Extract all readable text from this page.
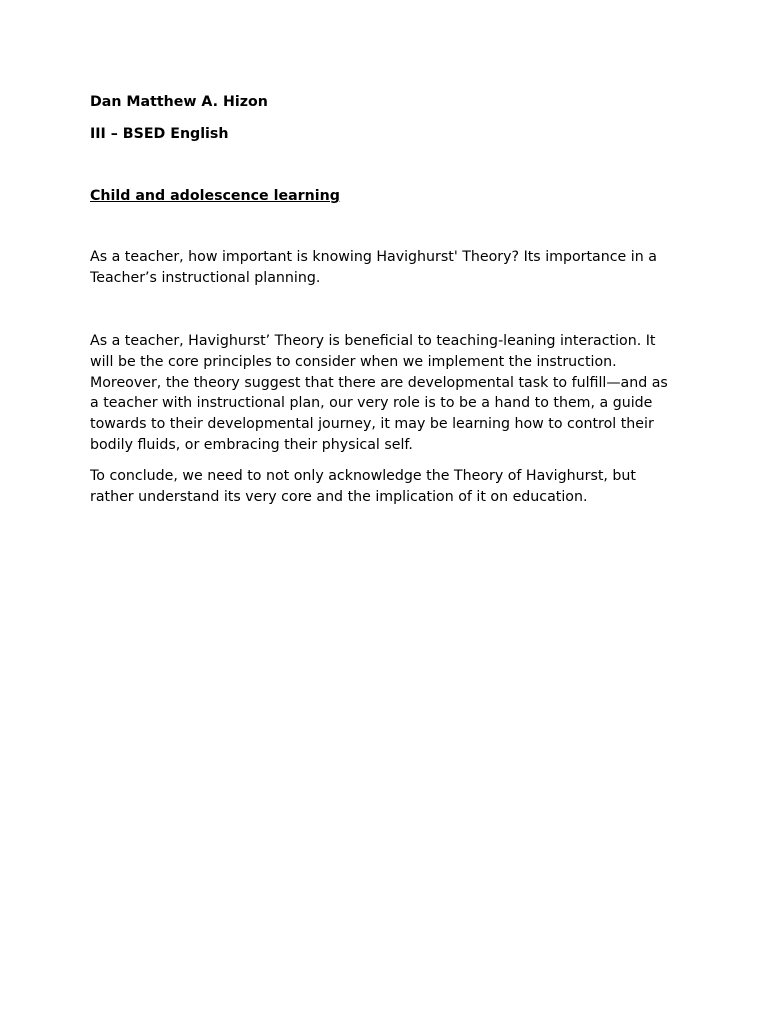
Dan Matthew A. Hizon

III – BSED English

Child and adolescence learning

As a teacher, how important is knowing Havighurst' Theory? Its importance in a Teacher’s instructional planning.

As a teacher, Havighurst’ Theory is beneficial to teaching-leaning interaction. It will be the core principles to consider when we implement the instruction. Moreover, the theory suggest that there are developmental task to fulfill—and as a teacher with instructional plan, our very role is to be a hand to them, a guide towards to their developmental journey, it may be learning how to control their bodily fluids, or embracing their physical self.

To conclude, we need to not only acknowledge the Theory of Havighurst, but rather understand its very core and the implication of it on education.
